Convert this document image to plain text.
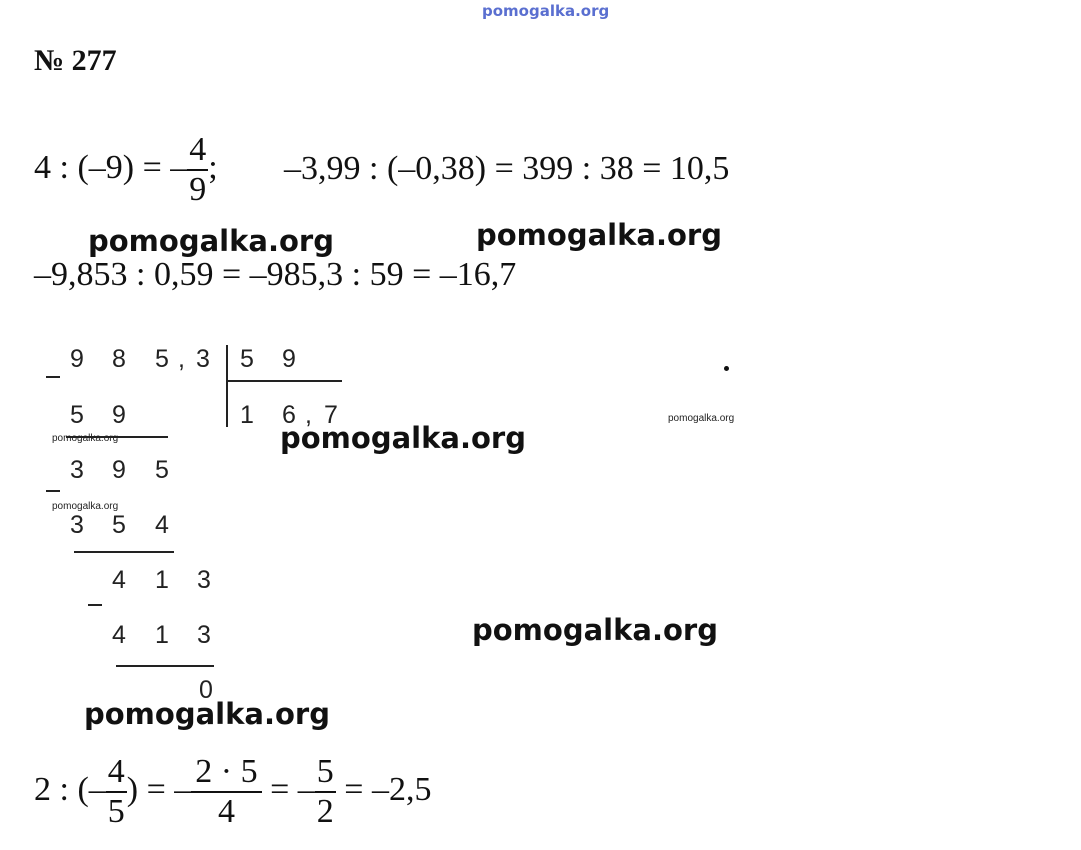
pomogalka.org
№ 277
4 : (–9) = – $\frac{4}{9}$ ; –3,99 : (–0,38) = 399 : 38 = 10,5
pomogalka.org	pomogalka.org
–9,853 : 0,59 = –985,3 : 59 = –16,7
9 8 5 , 3 5 9
1 6 , 7
5 9
3 9 5
3 5 4
4 1 3
4 1 3
0
pomogalka.org
pomogalka.org
pomogalka.org
pomogalka.org
pomogalka.org
pomogalka.org
2 : (– $\frac{4}{5}$ ) = – $\frac{2 \cdot 5}{4}$ = – $\frac{5}{2} = -2,5$
